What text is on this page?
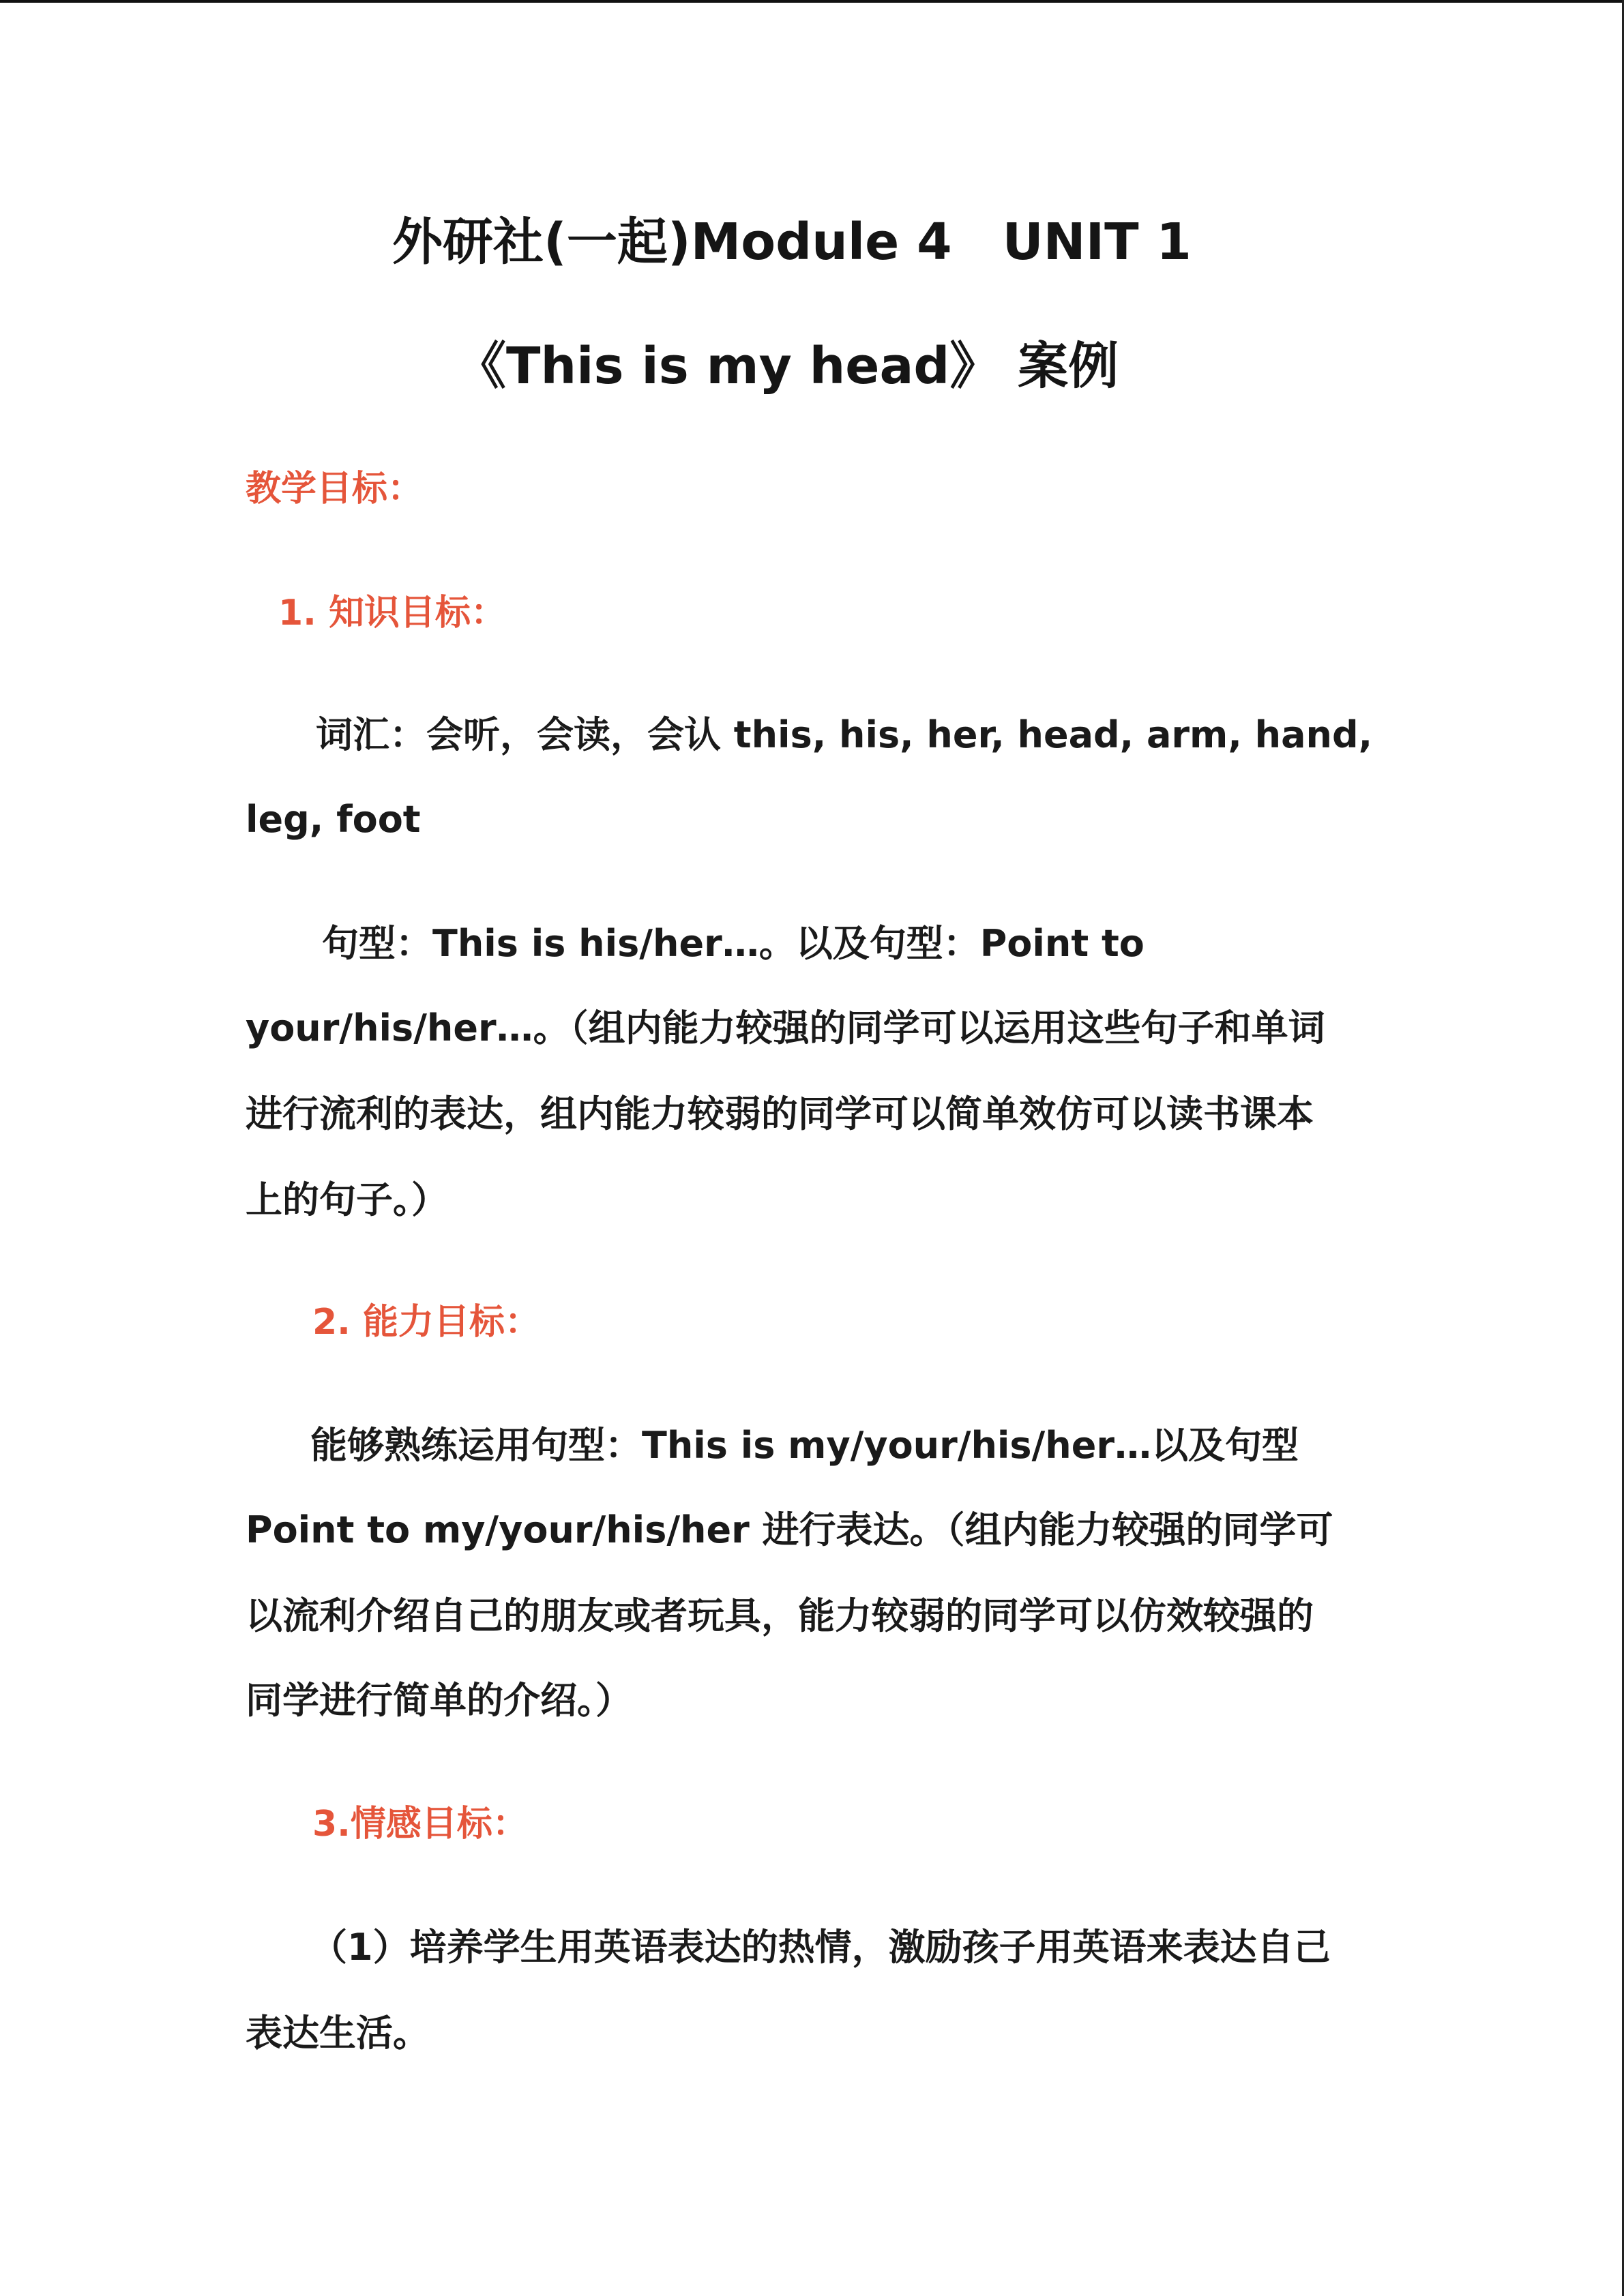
外研社(一起)Module 4　UNIT 1
《This is my head》 案例
教学目标：
1. 知识目标：
词汇：会听，会读，会认 this, his, her, head, arm, hand,
leg, foot
句型：This is his/her…。以及句型：Point to
your/his/her…。（组内能力较强的同学可以运用这些句子和单词
进行流利的表达，组内能力较弱的同学可以简单效仿可以读书课本
上的句子。）
2. 能力目标：
能够熟练运用句型：This is my/your/his/her…以及句型
Point to my/your/his/her 进行表达。（组内能力较强的同学可
以流利介绍自己的朋友或者玩具，能力较弱的同学可以仿效较强的
同学进行简单的介绍。）
3.情感目标：
（1）培养学生用英语表达的热情，激励孩子用英语来表达自己
表达生活。
